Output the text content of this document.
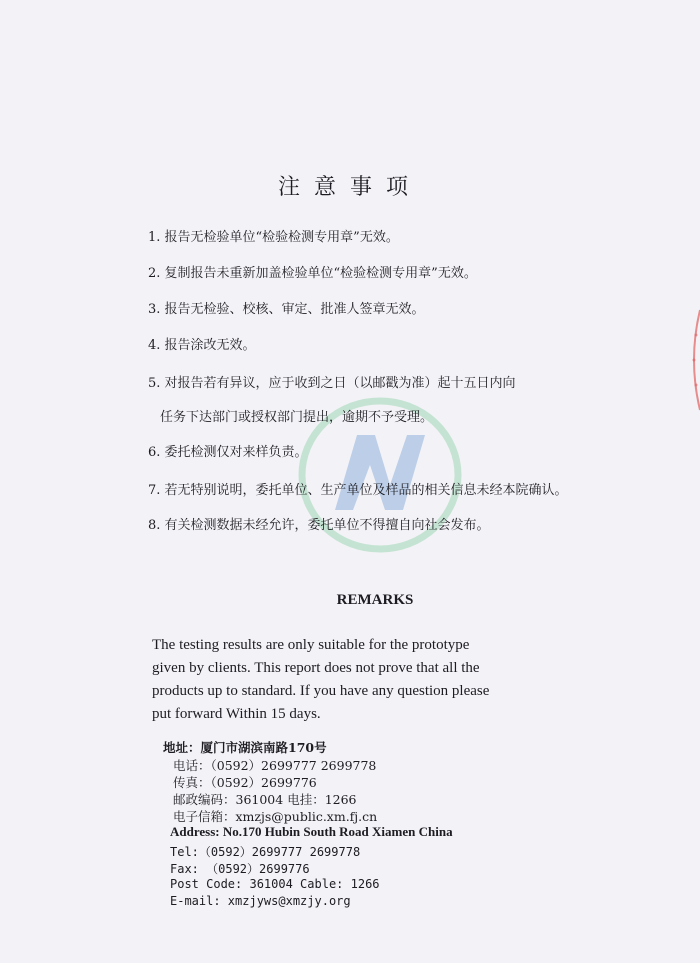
注意事项
1. 报告无检验单位“检验检测专用章”无效。
2. 复制报告未重新加盖检验单位“检验检测专用章”无效。
3. 报告无检验、校核、审定、批准人签章无效。
4. 报告涂改无效。
5. 对报告若有异议，应于收到之日（以邮戳为准）起十五日内向
任务下达部门或授权部门提出，逾期不予受理。
6. 委托检测仅对来样负责。
7. 若无特别说明，委托单位、生产单位及样品的相关信息未经本院确认。
8. 有关检测数据未经允许，委托单位不得擅自向社会发布。
REMARKS
The testing results are only suitable for the prototype
given by clients. This report does not prove that all the
products up to standard. If you have any question please
put forward Within 15 days.
地址：厦门市湖滨南路170号
电话：（0592）2699777 2699778
传真：（0592）2699776
邮政编码：361004 电挂：1266
电子信箱：xmzjs@public.xm.fj.cn
Address: No.170 Hubin South Road Xiamen China
Tel:（0592）2699777 2699778
Fax: （0592）2699776
Post Code: 361004 Cable: 1266
E-mail: xmzjyws@xmzjy.org
